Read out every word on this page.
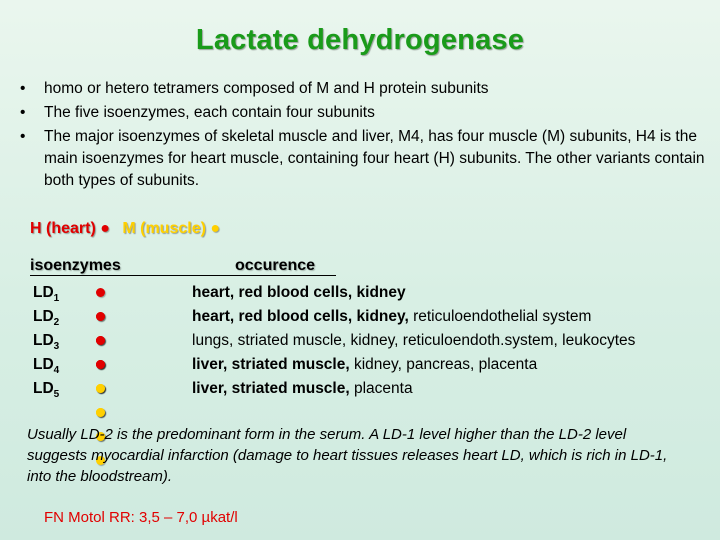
Lactate dehydrogenase
• homo or hetero tetramers composed of M and H protein subunits
• The five isoenzymes, each contain four subunits
• The major isoenzymes of skeletal muscle and liver, M4, has four muscle (M) subunits, H4 is the main isoenzymes for heart muscle, containing four heart (H) subunits. The other variants contain both types of subunits.
H (heart) ● M (muscle) ●
isoenzymes	occurence
$LD_1$	heart, red blood cells, kidney
$LD_2$	heart, red blood cells, kidney, reticuloendothelial system
$LD_3$	lungs, striated muscle, kidney, reticuloendoth.system, leukocytes
$LD_4$	liver, striated muscle, kidney, pancreas, placenta
$LD_5$	liver, striated muscle, placenta
Usually LD-2 is the predominant form in the serum. A LD-1 level higher than the LD-2 level suggests myocardial infarction (damage to heart tissues releases heart LD, which is rich in LD-1, into the bloodstream).
FN Motol RR: 3,5 – 7,0 µkat/l
